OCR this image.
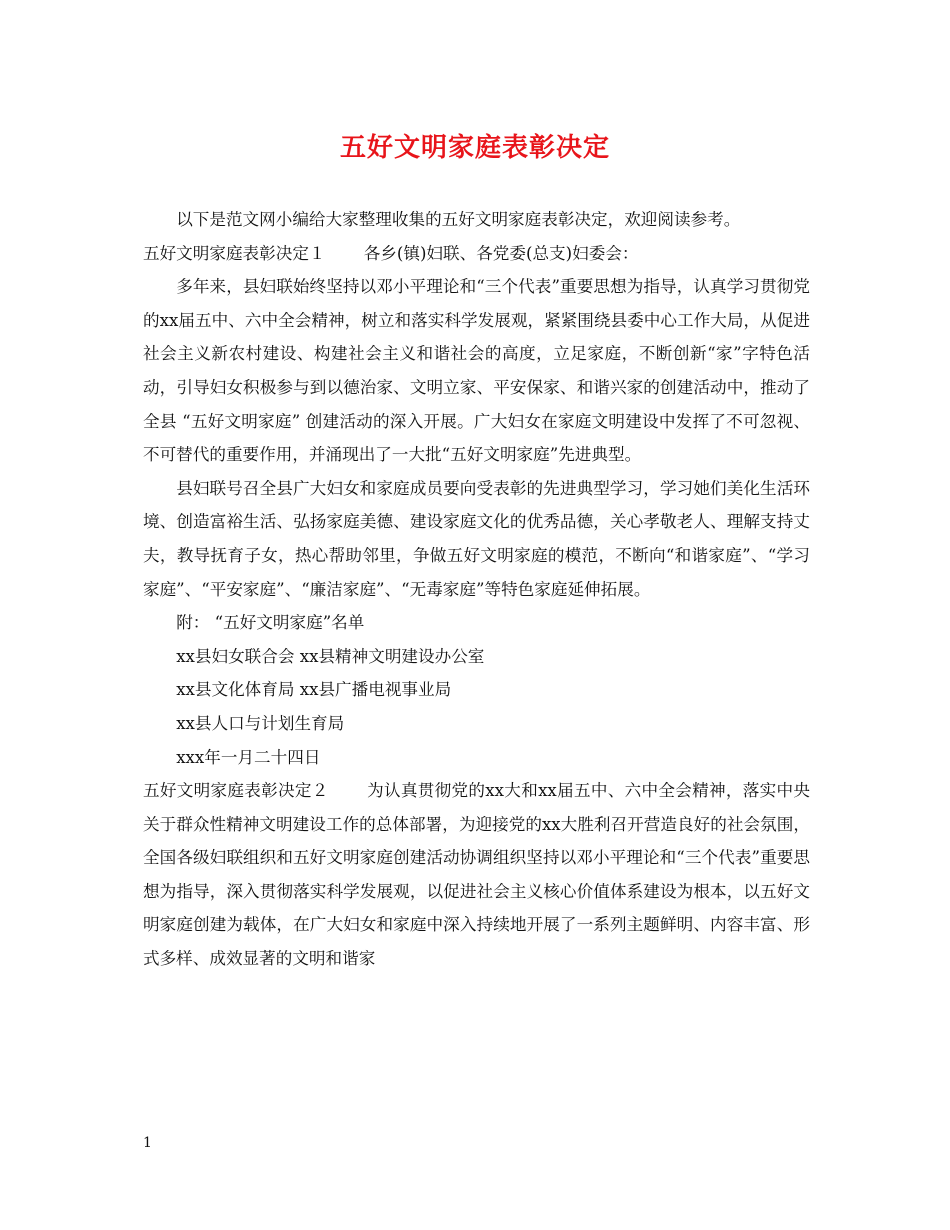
五好文明家庭表彰决定

以下是范文网小编给大家整理收集的五好文明家庭表彰决定，欢迎阅读参考。

五好文明家庭表彰决定１ 各乡(镇)妇联、各党委(总支)妇委会：

多年来，县妇联始终坚持以邓小平理论和“三个代表”重要思想为指导，认真学习贯彻党的xx届五中、六中全会精神，树立和落实科学发展观，紧紧围绕县委中心工作大局，从促进社会主义新农村建设、构建社会主义和谐社会的高度，立足家庭，不断创新“家”字特色活动，引导妇女积极参与到以德治家、文明立家、平安保家、和谐兴家的创建活动中，推动了全县 “五好文明家庭” 创建活动的深入开展。广大妇女在家庭文明建设中发挥了不可忽视、不可替代的重要作用，并涌现出了一大批“五好文明家庭”先进典型。

县妇联号召全县广大妇女和家庭成员要向受表彰的先进典型学习，学习她们美化生活环境、创造富裕生活、弘扬家庭美德、建设家庭文化的优秀品德，关心孝敬老人、理解支持丈夫，教导抚育子女，热心帮助邻里，争做五好文明家庭的模范，不断向“和谐家庭”、“学习家庭”、“平安家庭”、“廉洁家庭”、“无毒家庭”等特色家庭延伸拓展。

附： “五好文明家庭”名单

xx县妇女联合会 xx县精神文明建设办公室

xx县文化体育局 xx县广播电视事业局

xx县人口与计划生育局

xxx年一月二十四日

五好文明家庭表彰决定２ 为认真贯彻党的xx大和xx届五中、六中全会精神，落实中央关于群众性精神文明建设工作的总体部署，为迎接党的xx大胜利召开营造良好的社会氛围，全国各级妇联组织和五好文明家庭创建活动协调组织坚持以邓小平理论和“三个代表”重要思想为指导，深入贯彻落实科学发展观，以促进社会主义核心价值体系建设为根本，以五好文明家庭创建为载体，在广大妇女和家庭中深入持续地开展了一系列主题鲜明、内容丰富、形式多样、成效显著的文明和谐家

1
